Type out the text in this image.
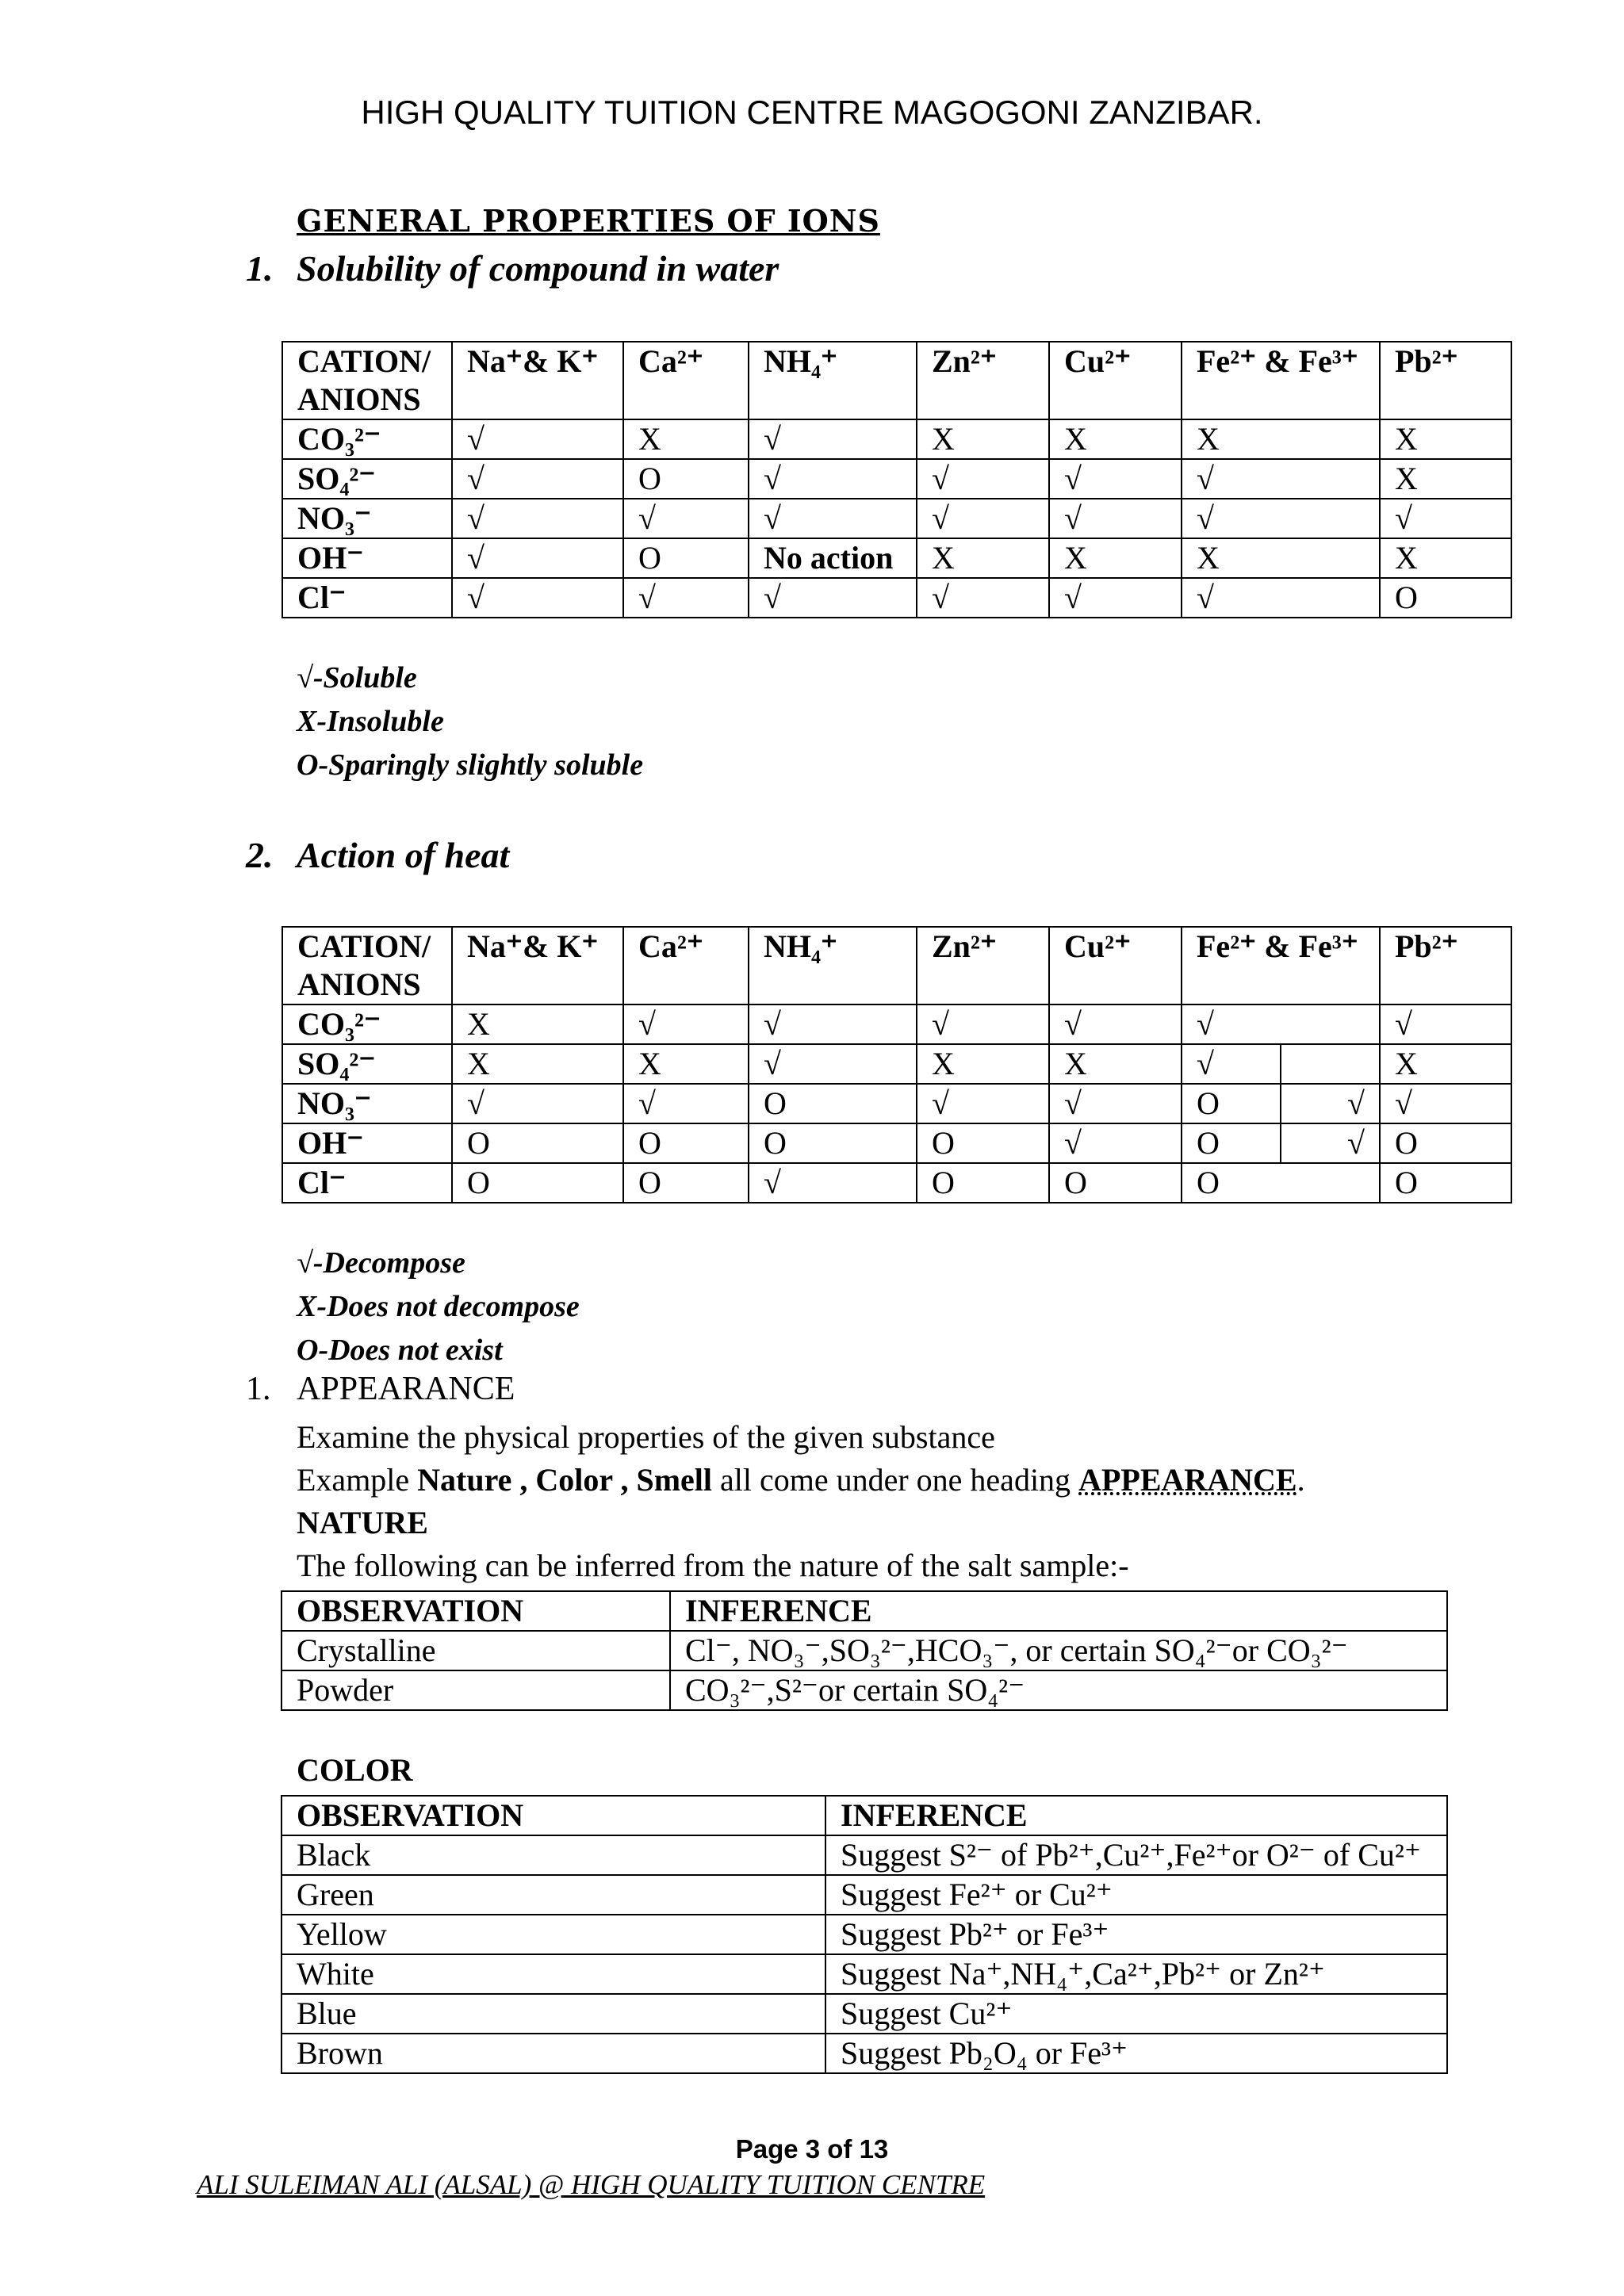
HIGH QUALITY TUITION CENTRE MAGOGONI ZANZIBAR.
GENERAL PROPERTIES OF IONS
1. Solubility of compound in water
CATION/ ANIONS	Na⁺& K⁺	Ca²⁺	NH₄⁺	Zn²⁺	Cu²⁺	Fe²⁺ & Fe³⁺	Pb²⁺
CO₃²⁻	√	X	√	X	X	X	X
SO₄²⁻	√	O	√	√	√	√	X
NO₃⁻	√	√	√	√	√	√	√
OH⁻	√	O	No action	X	X	X	X
Cl⁻	√	√	√	√	√	√	O
√-Soluble
X-Insoluble
O-Sparingly slightly soluble
2. Action of heat
CATION/ ANIONS	Na⁺& K⁺	Ca²⁺	NH₄⁺	Zn²⁺	Cu²⁺	Fe²⁺ & Fe³⁺	Pb²⁺
CO₃²⁻	X	√	√	√	√	√	√
SO₄²⁻	X	X	√	X	X	√	X
NO₃⁻	√	√	O	√	√	O √	√
OH⁻	O	O	O	O	√	O √	O
Cl⁻	O	O	√	O	O	O	O
√-Decompose
X-Does not decompose
O-Does not exist
1. APPEARANCE
Examine the physical properties of the given substance
Example Nature , Color , Smell all come under one heading APPEARANCE.
NATURE
The following can be inferred from the nature of the salt sample:-
OBSERVATION	INFERENCE
Crystalline	Cl⁻, NO₃⁻,SO₃²⁻,HCO₃⁻, or certain SO₄²⁻or CO₃²⁻
Powder	CO₃²⁻,S²⁻or certain SO₄²⁻
COLOR
OBSERVATION	INFERENCE
Black	Suggest S²⁻ of Pb²⁺,Cu²⁺,Fe²⁺or O²⁻ of Cu²⁺
Green	Suggest Fe²⁺ or Cu²⁺
Yellow	Suggest Pb²⁺ or Fe³⁺
White	Suggest Na⁺,NH₄⁺,Ca²⁺,Pb²⁺ or Zn²⁺
Blue	Suggest Cu²⁺
Brown	Suggest Pb₂O₄ or Fe³⁺
Page 3 of 13
ALI SULEIMAN ALI (ALSAL) @ HIGH QUALITY TUITION CENTRE
